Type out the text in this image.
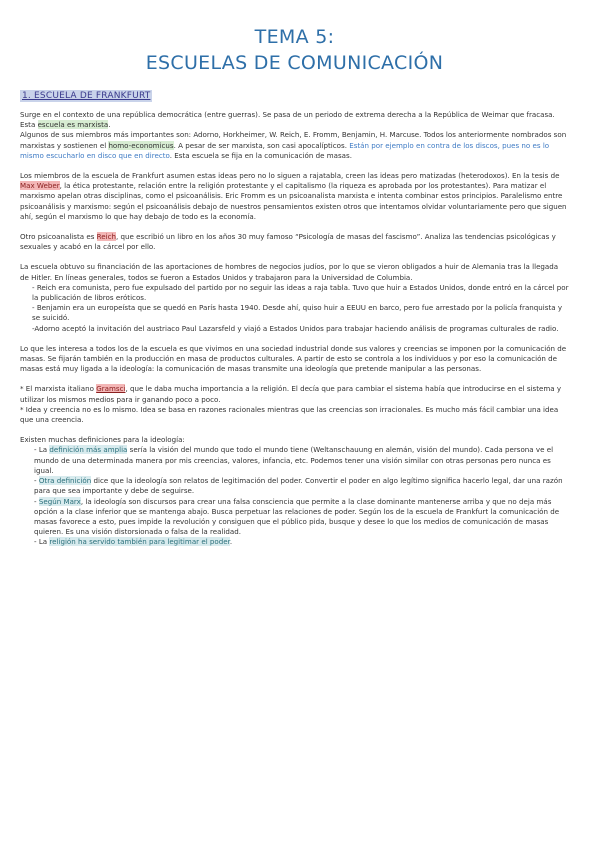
TEMA 5:
ESCUELAS DE COMUNICACIÓN
1. ESCUELA DE FRANKFURT

Surge en el contexto de una república democrática (entre guerras). Se pasa de un periodo de extrema derecha a la República de Weimar que fracasa. Esta escuela es marxista.

Algunos de sus miembros más importantes son: Adorno, Horkheimer, W. Reich, E. Fromm, Benjamin, H. Marcuse. Todos los anteriormente nombrados son marxistas y sostienen el homo-economicus. A pesar de ser marxista, son casi apocalípticos. Están por ejemplo en contra de los discos, pues no es lo mismo escucharlo en disco que en directo. Esta escuela se fija en la comunicación de masas.

Los miembros de la escuela de Frankfurt asumen estas ideas pero no lo siguen a rajatabla, creen las ideas pero matizadas (heterodoxos). En la tesis de Max Weber, la ética protestante, relación entre la religión protestante y el capitalismo (la riqueza es aprobada por los protestantes). Para matizar el marxismo apelan otras disciplinas, como el psicoanálisis. Eric Fromm es un psicoanalista marxista e intenta combinar estos principios. Paralelismo entre psicoanálisis y marxismo: según el psicoanálisis debajo de nuestros pensamientos existen otros que intentamos olvidar voluntariamente pero que siguen ahí, según el marxismo lo que hay debajo de todo es la economía.

Otro psicoanalista es Reich, que escribió un libro en los años 30 muy famoso “Psicología de masas del fascismo”. Analiza las tendencias psicológicas y sexuales y acabó en la cárcel por ello.

La escuela obtuvo su financiación de las aportaciones de hombres de negocios judíos, por lo que se vieron obligados a huir de Alemania tras la llegada de Hitler. En líneas generales, todos se fueron a Estados Unidos y trabajaron para la Universidad de Columbia.

- Reich era comunista, pero fue expulsado del partido por no seguir las ideas a raja tabla. Tuvo que huir a Estados Unidos, donde entró en la cárcel por la publicación de libros eróticos.

- Benjamin era un europeísta que se quedó en París hasta 1940. Desde ahí, quiso huir a EEUU en barco, pero fue arrestado por la policía franquista y se suicidó.

-Adorno aceptó la invitación del austriaco Paul Lazarsfeld y viajó a Estados Unidos para trabajar haciendo análisis de programas culturales de radio.

Lo que les interesa a todos los de la escuela es que vivimos en una sociedad industrial donde sus valores y creencias se imponen por la comunicación de masas. Se fijarán también en la producción en masa de productos culturales. A partir de esto se controla a los individuos y por eso la comunicación de masas está muy ligada a la ideología: la comunicación de masas transmite una ideología que pretende manipular a las personas.

* El marxista italiano Gramsci, que le daba mucha importancia a la religión. El decía que para cambiar el sistema había que introducirse en el sistema y utilizar los mismos medios para ir ganando poco a poco.

* Idea y creencia no es lo mismo. Idea se basa en razones racionales mientras que las creencias son irracionales. Es mucho más fácil cambiar una idea que una creencia.

Existen muchas definiciones para la ideología:

- La definición más amplia sería la visión del mundo que todo el mundo tiene (Weltanschauung en alemán, visión del mundo). Cada persona ve el mundo de una determinada manera por mis creencias, valores, infancia, etc. Podemos tener una visión similar con otras personas pero nunca es igual.

- Otra definición dice que la ideología son relatos de legitimación del poder. Convertir el poder en algo legítimo significa hacerlo legal, dar una razón para que sea importante y debe de seguirse.

- Según Marx, la ideología son discursos para crear una falsa consciencia que permite a la clase dominante mantenerse arriba y que no deja más opción a la clase inferior que se mantenga abajo. Busca perpetuar las relaciones de poder. Según los de la escuela de Frankfurt la comunicación de masas favorece a esto, pues impide la revolución y consiguen que el público pida, busque y desee lo que los medios de comunicación de masas quieren. Es una visión distorsionada o falsa de la realidad.

- La religión ha servido también para legitimar el poder.
